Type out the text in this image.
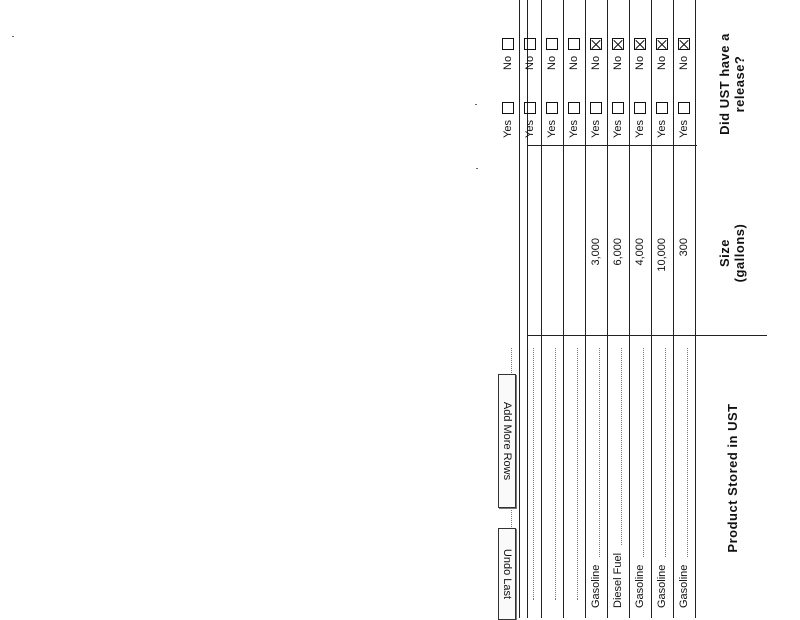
Product Stored in UST
Size (gallons)
Did UST have a release?
Gasoline
300
Yes
No
Gasoline
10,000
Yes
No
Gasoline
4,000
Yes
No
Diesel Fuel
6,000
Yes
No
Gasoline
3,000
Yes
No
Yes
No
Yes
No
Yes
No
Yes
No
Add More Rows
Undo Last
